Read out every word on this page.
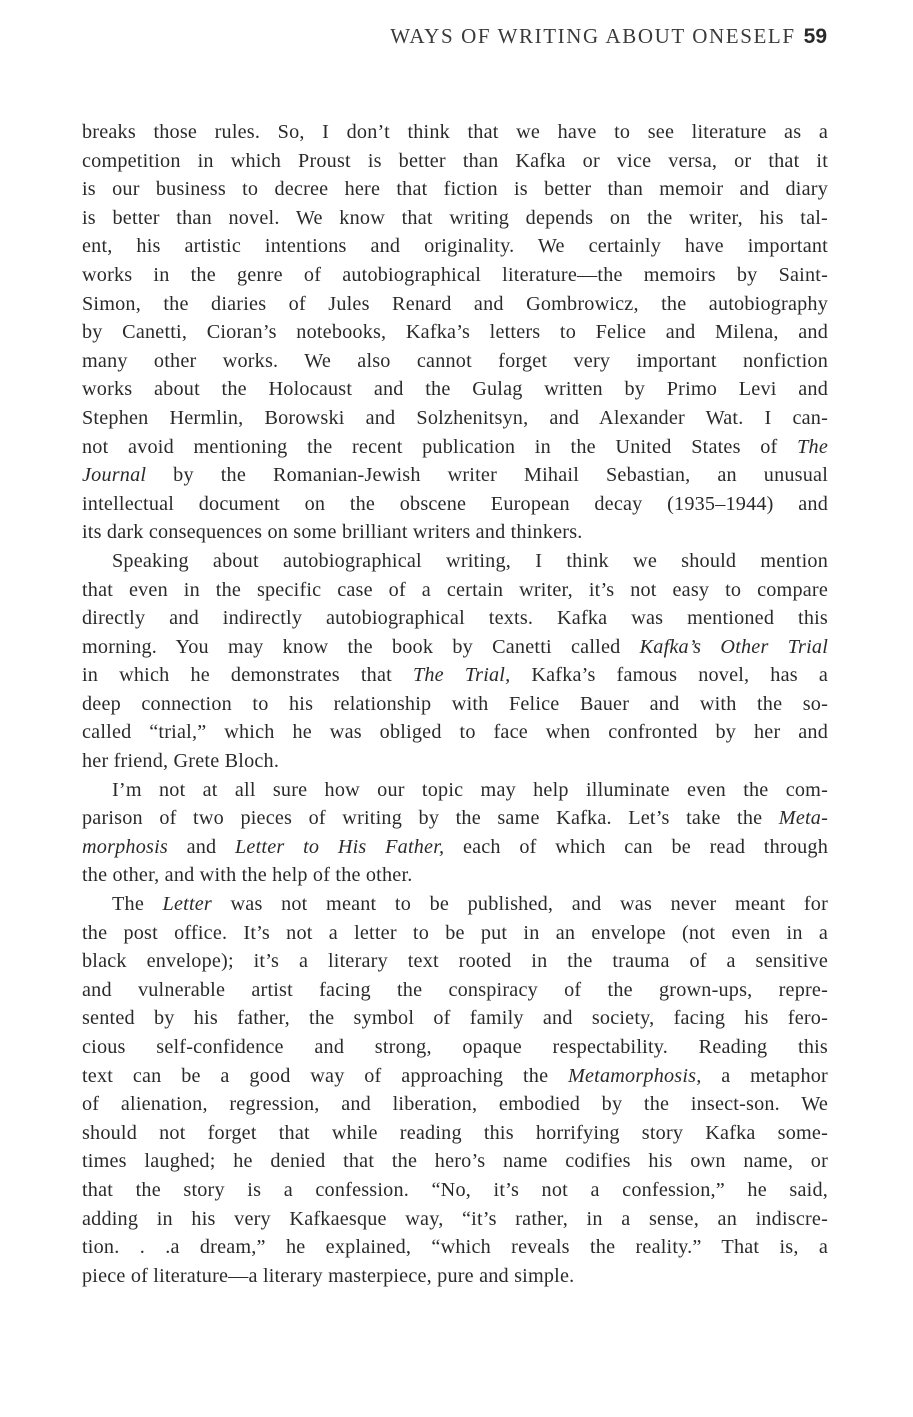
WAYS OF WRITING ABOUT ONESELF 59
breaks those rules. So, I don’t think that we have to see literature as a
competition in which Proust is better than Kafka or vice versa, or that it
is our business to decree here that fiction is better than memoir and diary
is better than novel. We know that writing depends on the writer, his tal-
ent, his artistic intentions and originality. We certainly have important
works in the genre of autobiographical literature—the memoirs by Saint-
Simon, the diaries of Jules Renard and Gombrowicz, the autobiography
by Canetti, Cioran’s notebooks, Kafka’s letters to Felice and Milena, and
many other works. We also cannot forget very important nonfiction
works about the Holocaust and the Gulag written by Primo Levi and
Stephen Hermlin, Borowski and Solzhenitsyn, and Alexander Wat. I can-
not avoid mentioning the recent publication in the United States of The
Journal by the Romanian-Jewish writer Mihail Sebastian, an unusual
intellectual document on the obscene European decay (1935–1944) and
its dark consequences on some brilliant writers and thinkers.
Speaking about autobiographical writing, I think we should mention
that even in the specific case of a certain writer, it’s not easy to compare
directly and indirectly autobiographical texts. Kafka was mentioned this
morning. You may know the book by Canetti called Kafka’s Other Trial
in which he demonstrates that The Trial, Kafka’s famous novel, has a
deep connection to his relationship with Felice Bauer and with the so-
called “trial,” which he was obliged to face when confronted by her and
her friend, Grete Bloch.
I’m not at all sure how our topic may help illuminate even the com-
parison of two pieces of writing by the same Kafka. Let’s take the Meta-
morphosis and Letter to His Father, each of which can be read through
the other, and with the help of the other.
The Letter was not meant to be published, and was never meant for
the post office. It’s not a letter to be put in an envelope (not even in a
black envelope); it’s a literary text rooted in the trauma of a sensitive
and vulnerable artist facing the conspiracy of the grown-ups, repre-
sented by his father, the symbol of family and society, facing his fero-
cious self-confidence and strong, opaque respectability. Reading this
text can be a good way of approaching the Metamorphosis, a metaphor
of alienation, regression, and liberation, embodied by the insect-son. We
should not forget that while reading this horrifying story Kafka some-
times laughed; he denied that the hero’s name codifies his own name, or
that the story is a confession. “No, it’s not a confession,” he said,
adding in his very Kafkaesque way, “it’s rather, in a sense, an indiscre-
tion. . .a dream,” he explained, “which reveals the reality.” That is, a
piece of literature—a literary masterpiece, pure and simple.
